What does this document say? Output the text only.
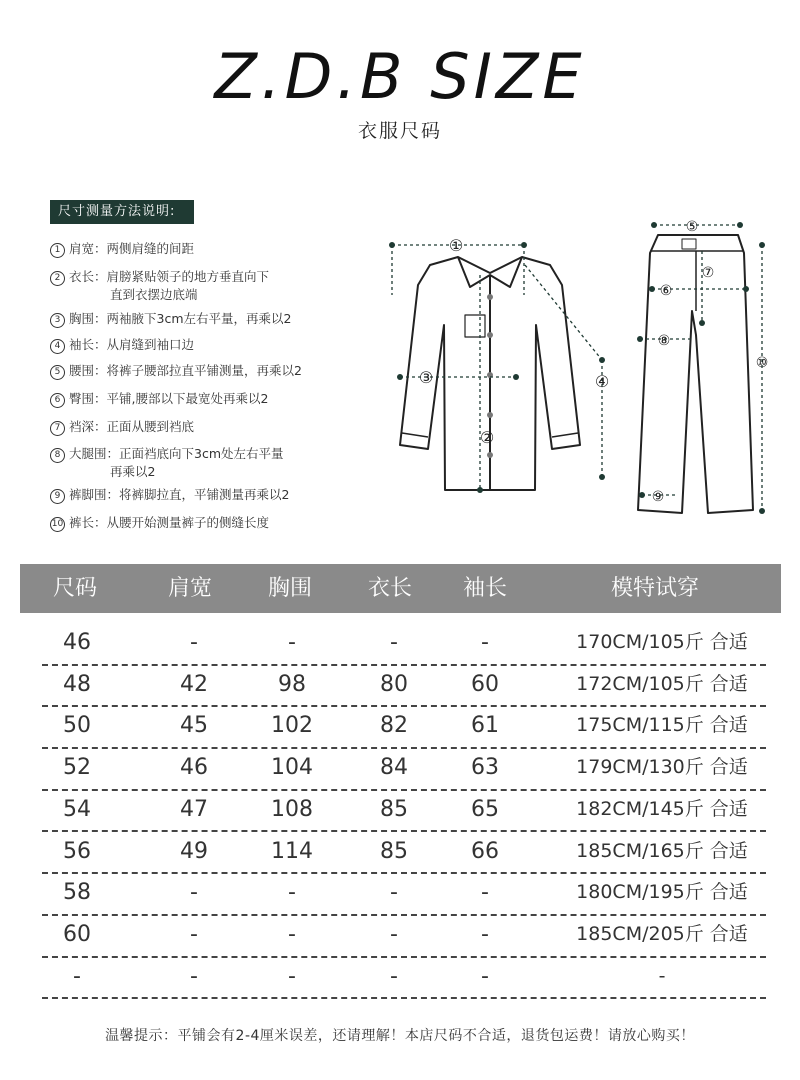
Z.D.B SIZE
衣服尺码
尺寸测量方法说明:
1 肩宽：两侧肩缝的间距
2 衣长：肩膀紧贴领子的地方垂直向下
直到衣摆边底端
3 胸围：两袖腋下3cm左右平量，再乘以2
4 袖长：从肩缝到袖口边
5 腰围：将裤子腰部拉直平铺测量，再乘以2
6 臀围：平铺,腰部以下最宽处再乘以2
7 裆深：正面从腰到裆底
8 大腿围：正面裆底向下3cm处左右平量
再乘以2
9 裤脚围：将裤脚拉直，平铺测量再乘以2
10 裤长：从腰开始测量裤子的侧缝长度
①
②
③	④
⑤
⑥
⑦
⑧
⑨
⑩
尺码	肩宽	胸围	衣长	袖长	模特试穿
46	-	-	-	-	170CM/105斤 合适
48	42	98	80	60	172CM/105斤 合适
50	45	102	82	61	175CM/115斤 合适
52	46	104	84	63	179CM/130斤 合适
54	47	108	85	65	182CM/145斤 合适
56	49	114	85	66	185CM/165斤 合适
58	-	-	-	-	180CM/195斤 合适
60	-	-	-	-	185CM/205斤 合适
-	-	-	-	-	-
温馨提示：平铺会有2-4厘米误差，还请理解！本店尺码不合适，退货包运费！请放心购买！
